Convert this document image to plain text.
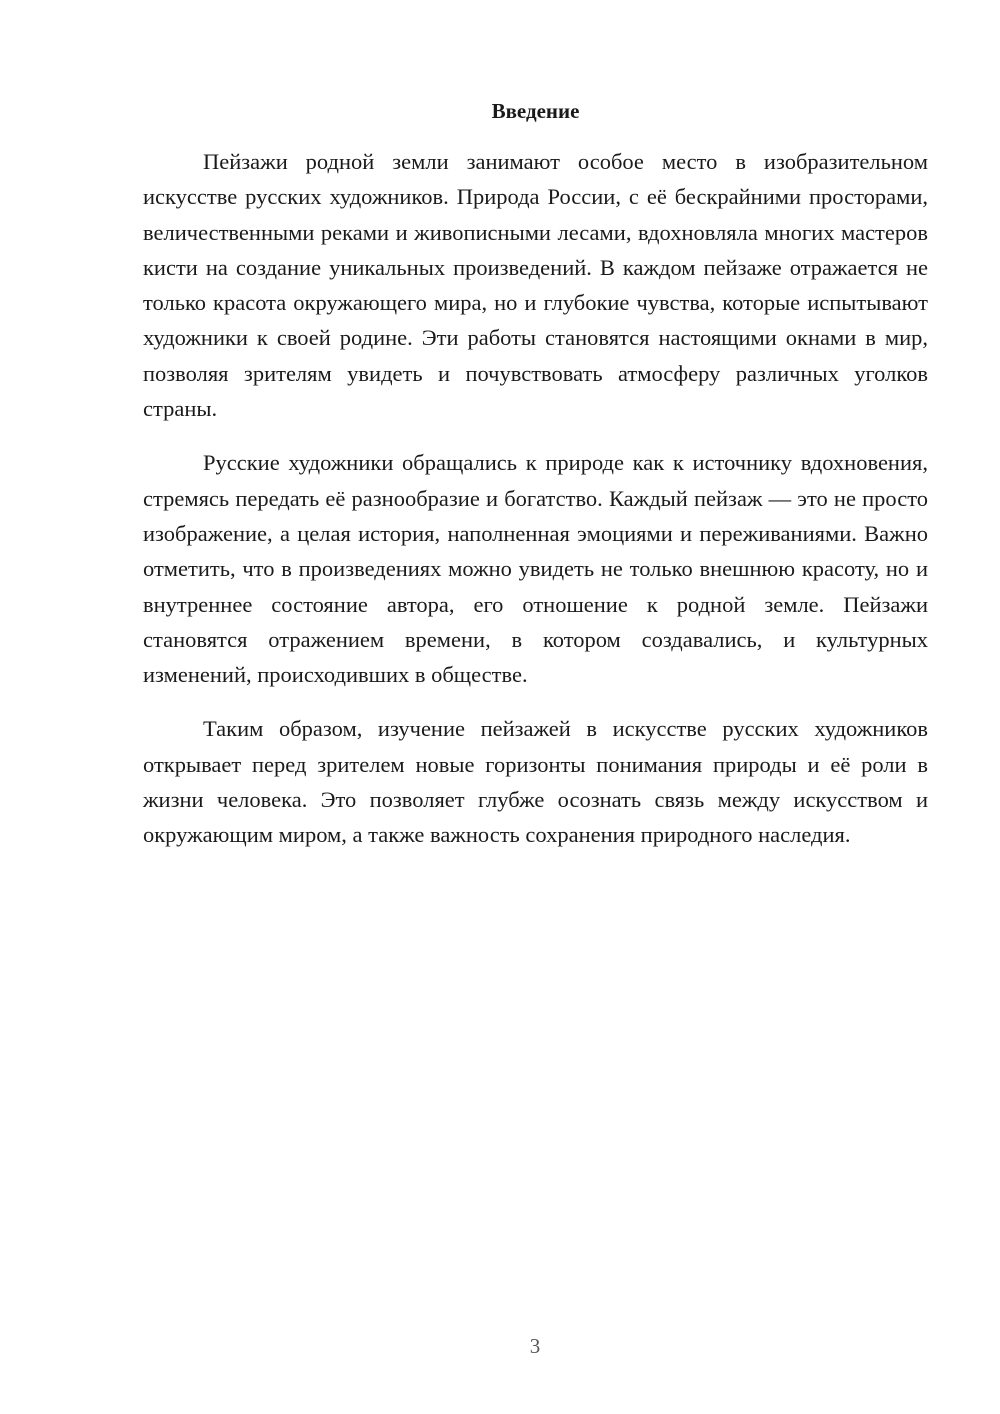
Введение

Пейзажи родной земли занимают особое место в изобразительном искусстве русских художников. Природа России, с её бескрайними просторами, величественными реками и живописными лесами, вдохновляла многих мастеров кисти на создание уникальных произведений. В каждом пейзаже отражается не только красота окружающего мира, но и глубокие чувства, которые испытывают художники к своей родине. Эти работы становятся настоящими окнами в мир, позволяя зрителям увидеть и почувствовать атмосферу различных уголков страны.

Русские художники обращались к природе как к источнику вдохновения, стремясь передать её разнообразие и богатство. Каждый пейзаж — это не просто изображение, а целая история, наполненная эмоциями и переживаниями. Важно отметить, что в произведениях можно увидеть не только внешнюю красоту, но и внутреннее состояние автора, его отношение к родной земле. Пейзажи становятся отражением времени, в котором создавались, и культурных изменений, происходивших в обществе.

Таким образом, изучение пейзажей в искусстве русских художников открывает перед зрителем новые горизонты понимания природы и её роли в жизни человека. Это позволяет глубже осознать связь между искусством и окружающим миром, а также важность сохранения природного наследия.

3
